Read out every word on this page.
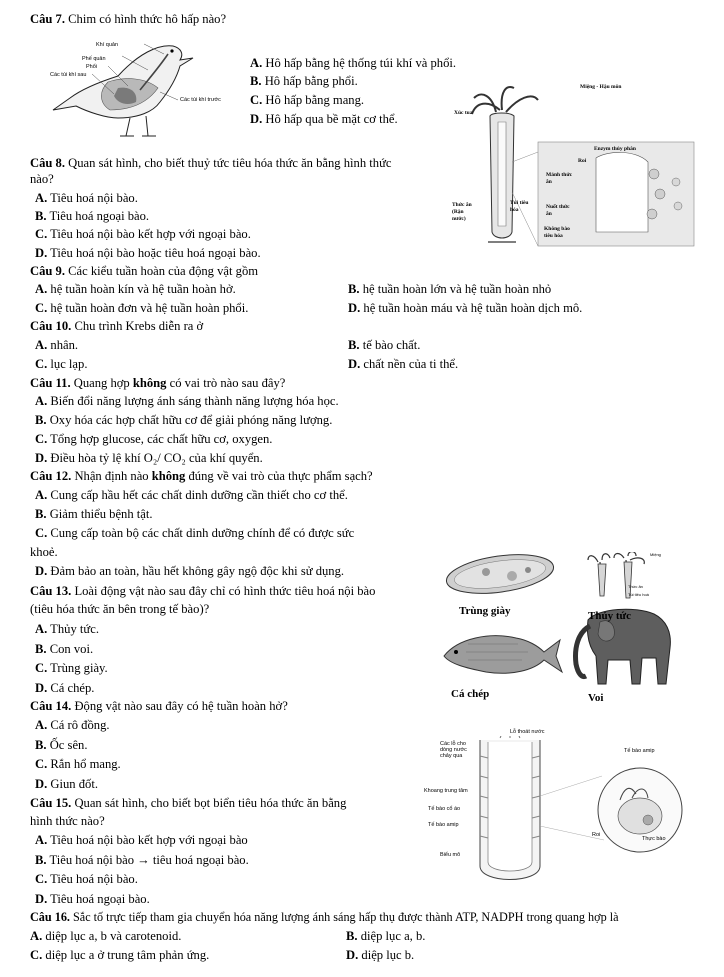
Câu 7. Chim có hình thức hô hấp nào?
Khí quản
Phế quản
Phổi
Các túi khí sau
Các túi khí trước
A. Hô hấp bằng hệ thống túi khí và phổi.
B. Hô hấp bằng phổi.
C. Hô hấp bằng mang.
D. Hô hấp qua bề mặt cơ thể.
Miệng - Hậu môn
Xúc tua
Enzym thủy phân
Roi
Mảnh thức ăn
Túi tiêu hóa
Thức ăn (Rận nước)
Nuốt thức ăn
Không bào tiêu hóa
Câu 8. Quan sát hình, cho biết thuỷ tức tiêu hóa thức ăn bằng hình thức
nào?
A. Tiêu hoá nội bào.
B. Tiêu hoá ngoại bào.
C. Tiêu hoá nội bào kết hợp với ngoại bào.
D. Tiêu hoá nội bào hoặc tiêu hoá ngoại bào.
Câu 9. Các kiểu tuần hoàn của động vật gồm
A. hệ tuần hoàn kín và hệ tuần hoàn hở.	B. hệ tuần hoàn lớn và hệ tuần hoàn nhỏ
C. hệ tuần hoàn đơn và hệ tuần hoàn phổi.	D. hệ tuần hoàn máu và hệ tuần hoàn dịch mô.
Câu 10. Chu trình Krebs diễn ra ở
A. nhân.	B. tế bào chất.
C. lục lạp.	D. chất nền của ti thể.
Câu 11. Quang hợp không có vai trò nào sau đây?
A. Biến đổi năng lượng ánh sáng thành năng lượng hóa học.
B. Oxy hóa các hợp chất hữu cơ để giải phóng năng lượng.
C. Tổng hợp glucose, các chất hữu cơ, oxygen.
D. Điều hòa tỷ lệ khí O₂/ CO₂ của khí quyển.
Câu 12. Nhận định nào không đúng về vai trò của thực phẩm sạch?
A. Cung cấp hầu hết các chất dinh dưỡng cần thiết cho cơ thể.
B. Giảm thiểu bệnh tật.
C. Cung cấp toàn bộ các chất dinh dưỡng chính để có được sức
khoẻ.
D. Đảm bảo an toàn, hầu hết không gây ngộ độc khi sử dụng.
Trùng giày	Thủy tức
Cá chép	Voi
Miệng
Thức ăn
Túi tiêu hoá
Câu 13. Loài động vật nào sau đây chỉ có hình thức tiêu hoá nội bào
(tiêu hóa thức ăn bên trong tế bào)?
A. Thủy tức.
B. Con voi.
C. Trùng giày.
D. Cá chép.
Câu 14. Động vật nào sau đây có hệ tuần hoàn hở?
A. Cá rô đồng.
B. Ốc sên.
C. Rắn hổ mang.
D. Giun đốt.
Lỗ thoát nước
Các lỗ cho dòng nước chảy qua
Tế bào amip
Khoang trung tâm
Tế bào cổ áo
Tế bào amip
Biểu mô
Roi
Thực bào
Câu 15. Quan sát hình, cho biết bọt biển tiêu hóa thức ăn bằng
hình thức nào?
A. Tiêu hoá nội bào kết hợp với ngoại bào
B. Tiêu hoá nội bào → tiêu hoá ngoại bào.
C. Tiêu hoá nội bào.
D. Tiêu hoá ngoại bào.
Câu 16. Sắc tố trực tiếp tham gia chuyển hóa năng lượng ánh sáng hấp thụ được thành ATP, NADPH trong quang hợp là
A. diệp lục a, b và carotenoid.	B. diệp lục a, b.
C. diệp lục a ở trung tâm phản ứng.	D. diệp lục b.
